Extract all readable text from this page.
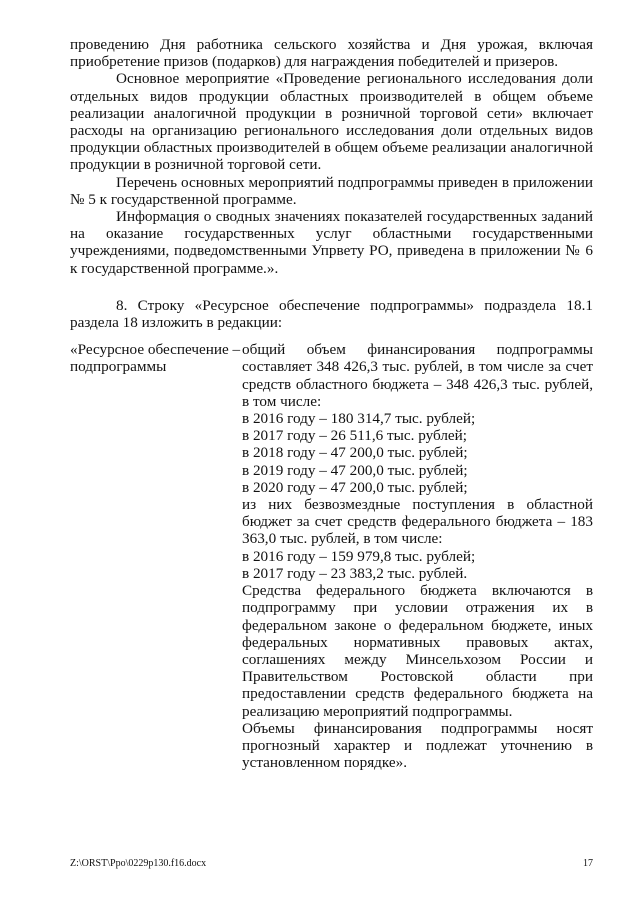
проведению Дня работника сельского хозяйства и Дня урожая, включая приобретение призов (подарков) для награждения победителей и призеров.

Основное мероприятие «Проведение регионального исследования доли отдельных видов продукции областных производителей в общем объеме реализации аналогичной продукции в розничной торговой сети» включает расходы на организацию регионального исследования доли отдельных видов продукции областных производителей в общем объеме реализации аналогичной продукции в розничной торговой сети.

Перечень основных мероприятий подпрограммы приведен в приложении № 5 к государственной программе.

Информация о сводных значениях показателей государственных заданий на оказание государственных услуг областными государственными учреждениями, подведомственными Упрвету РО, приведена в приложении № 6 к государственной программе.».

8. Строку «Ресурсное обеспечение подпрограммы» подраздела 18.1 раздела 18 изложить в редакции:

«Ресурсное обеспечение – подпрограммы

общий объем финансирования подпрограммы составляет 348 426,3 тыс. рублей, в том числе за счет средств областного бюджета – 348 426,3 тыс. рублей, в том числе:

в 2016 году – 180 314,7 тыс. рублей;

в 2017 году – 26 511,6 тыс. рублей;

в 2018 году – 47 200,0 тыс. рублей;

в 2019 году – 47 200,0 тыс. рублей;

в 2020 году – 47 200,0 тыс. рублей;

из них безвозмездные поступления в областной бюджет за счет средств федерального бюджета – 183 363,0 тыс. рублей, в том числе:

в 2016 году – 159 979,8 тыс. рублей;

в 2017 году – 23 383,2 тыс. рублей.

Средства федерального бюджета включаются в подпрограмму при условии отражения их в федеральном законе о федеральном бюджете, иных федеральных нормативных правовых актах, соглашениях между Минсельхозом России и Правительством Ростовской области при предоставлении средств федерального бюджета на реализацию мероприятий подпрограммы.

Объемы финансирования подпрограммы носят прогнозный характер и подлежат уточнению в установленном порядке».

Z:\ORST\Ppo\0229p130.f16.docx	17
